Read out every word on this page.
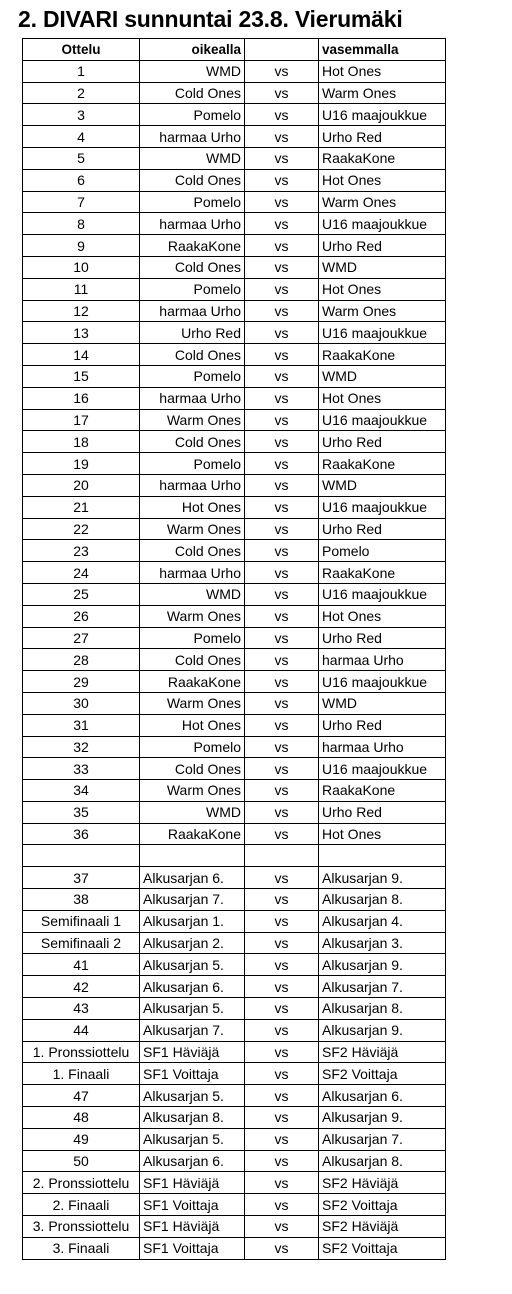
2. DIVARI sunnuntai 23.8. Vierumäki
Ottelu	oikealla		vasemmalla
1	WMD	vs	Hot Ones
2	Cold Ones	vs	Warm Ones
3	Pomelo	vs	U16 maajoukkue
4	harmaa Urho	vs	Urho Red
5	WMD	vs	RaakaKone
6	Cold Ones	vs	Hot Ones
7	Pomelo	vs	Warm Ones
8	harmaa Urho	vs	U16 maajoukkue
9	RaakaKone	vs	Urho Red
10	Cold Ones	vs	WMD
11	Pomelo	vs	Hot Ones
12	harmaa Urho	vs	Warm Ones
13	Urho Red	vs	U16 maajoukkue
14	Cold Ones	vs	RaakaKone
15	Pomelo	vs	WMD
16	harmaa Urho	vs	Hot Ones
17	Warm Ones	vs	U16 maajoukkue
18	Cold Ones	vs	Urho Red
19	Pomelo	vs	RaakaKone
20	harmaa Urho	vs	WMD
21	Hot Ones	vs	U16 maajoukkue
22	Warm Ones	vs	Urho Red
23	Cold Ones	vs	Pomelo
24	harmaa Urho	vs	RaakaKone
25	WMD	vs	U16 maajoukkue
26	Warm Ones	vs	Hot Ones
27	Pomelo	vs	Urho Red
28	Cold Ones	vs	harmaa Urho
29	RaakaKone	vs	U16 maajoukkue
30	Warm Ones	vs	WMD
31	Hot Ones	vs	Urho Red
32	Pomelo	vs	harmaa Urho
33	Cold Ones	vs	U16 maajoukkue
34	Warm Ones	vs	RaakaKone
35	WMD	vs	Urho Red
36	RaakaKone	vs	Hot Ones

37	Alkusarjan 6.	vs	Alkusarjan 9.
38	Alkusarjan 7.	vs	Alkusarjan 8.
Semifinaali 1	Alkusarjan 1.	vs	Alkusarjan 4.
Semifinaali 2	Alkusarjan 2.	vs	Alkusarjan 3.
41	Alkusarjan 5.	vs	Alkusarjan 9.
42	Alkusarjan 6.	vs	Alkusarjan 7.
43	Alkusarjan 5.	vs	Alkusarjan 8.
44	Alkusarjan 7.	vs	Alkusarjan 9.
1. Pronssiottelu	SF1 Häviäjä	vs	SF2 Häviäjä
1. Finaali	SF1 Voittaja	vs	SF2 Voittaja
47	Alkusarjan 5.	vs	Alkusarjan 6.
48	Alkusarjan 8.	vs	Alkusarjan 9.
49	Alkusarjan 5.	vs	Alkusarjan 7.
50	Alkusarjan 6.	vs	Alkusarjan 8.
2. Pronssiottelu	SF1 Häviäjä	vs	SF2 Häviäjä
2. Finaali	SF1 Voittaja	vs	SF2 Voittaja
3. Pronssiottelu	SF1 Häviäjä	vs	SF2 Häviäjä
3. Finaali	SF1 Voittaja	vs	SF2 Voittaja
